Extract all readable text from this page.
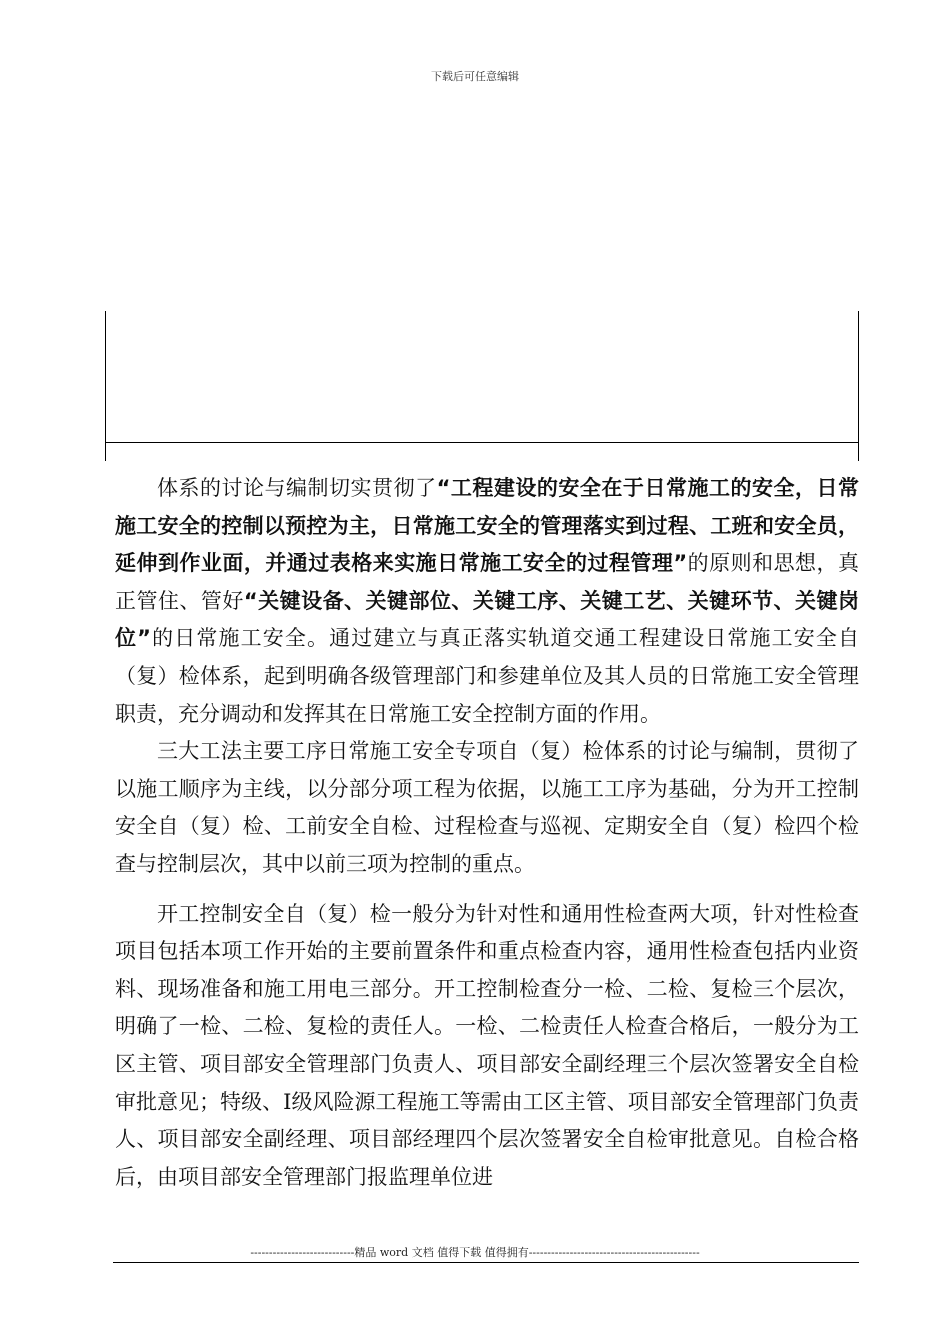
下载后可任意编辑

体系的讨论与编制切实贯彻了“工程建设的安全在于日常施工的安全，日常施工安全的控制以预控为主，日常施工安全的管理落实到过程、工班和安全员，延伸到作业面，并通过表格来实施日常施工安全的过程管理”的原则和思想，真正管住、管好“关键设备、关键部位、关键工序、关键工艺、关键环节、关键岗位”的日常施工安全。通过建立与真正落实轨道交通工程建设日常施工安全自（复）检体系，起到明确各级管理部门和参建单位及其人员的日常施工安全管理职责，充分调动和发挥其在日常施工安全控制方面的作用。

三大工法主要工序日常施工安全专项自（复）检体系的讨论与编制，贯彻了以施工顺序为主线，以分部分项工程为依据，以施工工序为基础，分为开工控制安全自（复）检、工前安全自检、过程检查与巡视、定期安全自（复）检四个检查与控制层次，其中以前三项为控制的重点。

开工控制安全自（复）检一般分为针对性和通用性检查两大项，针对性检查项目包括本项工作开始的主要前置条件和重点检查内容，通用性检查包括内业资料、现场准备和施工用电三部分。开工控制检查分一检、二检、复检三个层次，明确了一检、二检、复检的责任人。一检、二检责任人检查合格后，一般分为工区主管、项目部安全管理部门负责人、项目部安全副经理三个层次签署安全自检审批意见；特级、Ⅰ级风险源工程施工等需由工区主管、项目部安全管理部门负责人、项目部安全副经理、项目部经理四个层次签署安全自检审批意见。自检合格后，由项目部安全管理部门报监理单位进

----------------------------精品 word 文档 值得下载 值得拥有----------------------------------------------
